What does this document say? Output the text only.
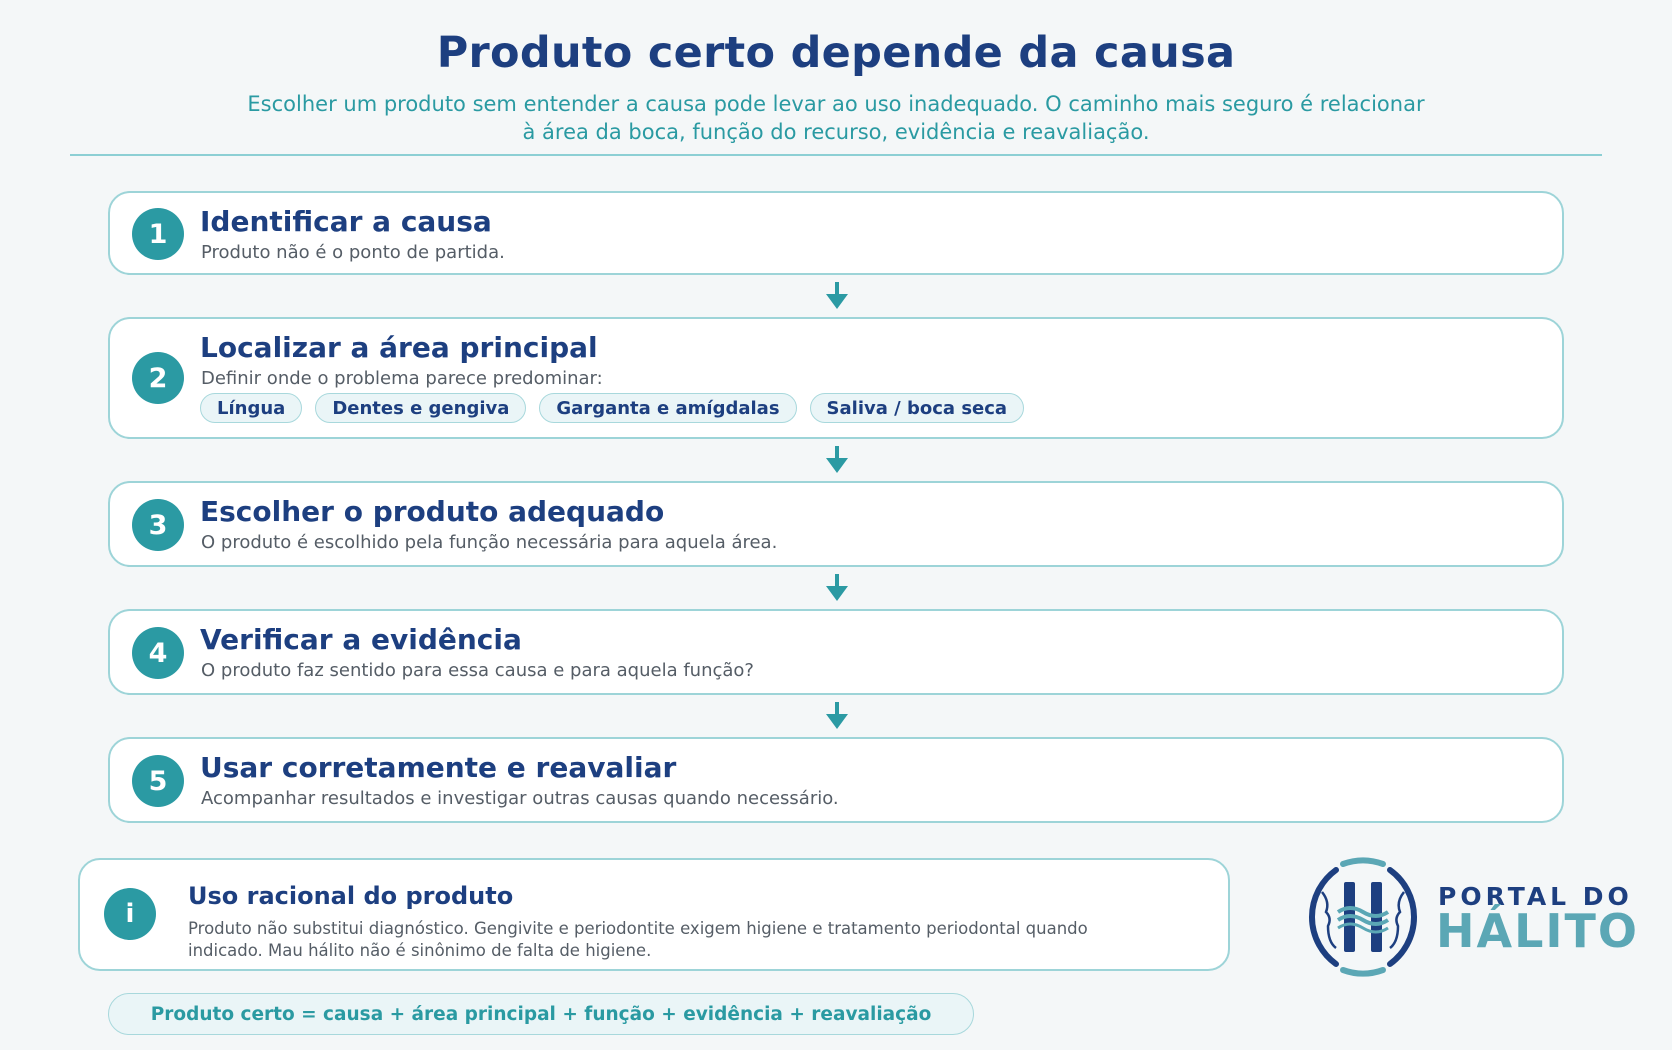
Produto certo depende da causa
Escolher um produto sem entender a causa pode levar ao uso inadequado. O caminho mais seguro é relacionar
à área da boca, função do recurso, evidência e reavaliação.
1	Identificar a causa
Produto não é o ponto de partida.
2
Localizar a área principal
Definir onde o problema parece predominar:
Língua	Dentes e gengiva	Garganta e amígdalas	Saliva / boca seca
3	Escolher o produto adequado
O produto é escolhido pela função necessária para aquela área.
4	Verificar a evidência
O produto faz sentido para essa causa e para aquela função?
5	Usar corretamente e reavaliar
Acompanhar resultados e investigar outras causas quando necessário.
i
Uso racional do produto
Produto não substitui diagnóstico. Gengivite e periodontite exigem higiene e tratamento periodontal quando
indicado. Mau hálito não é sinônimo de falta de higiene.
Produto certo = causa + área principal + função + evidência + reavaliação
PORTAL DO
HÁLITO
